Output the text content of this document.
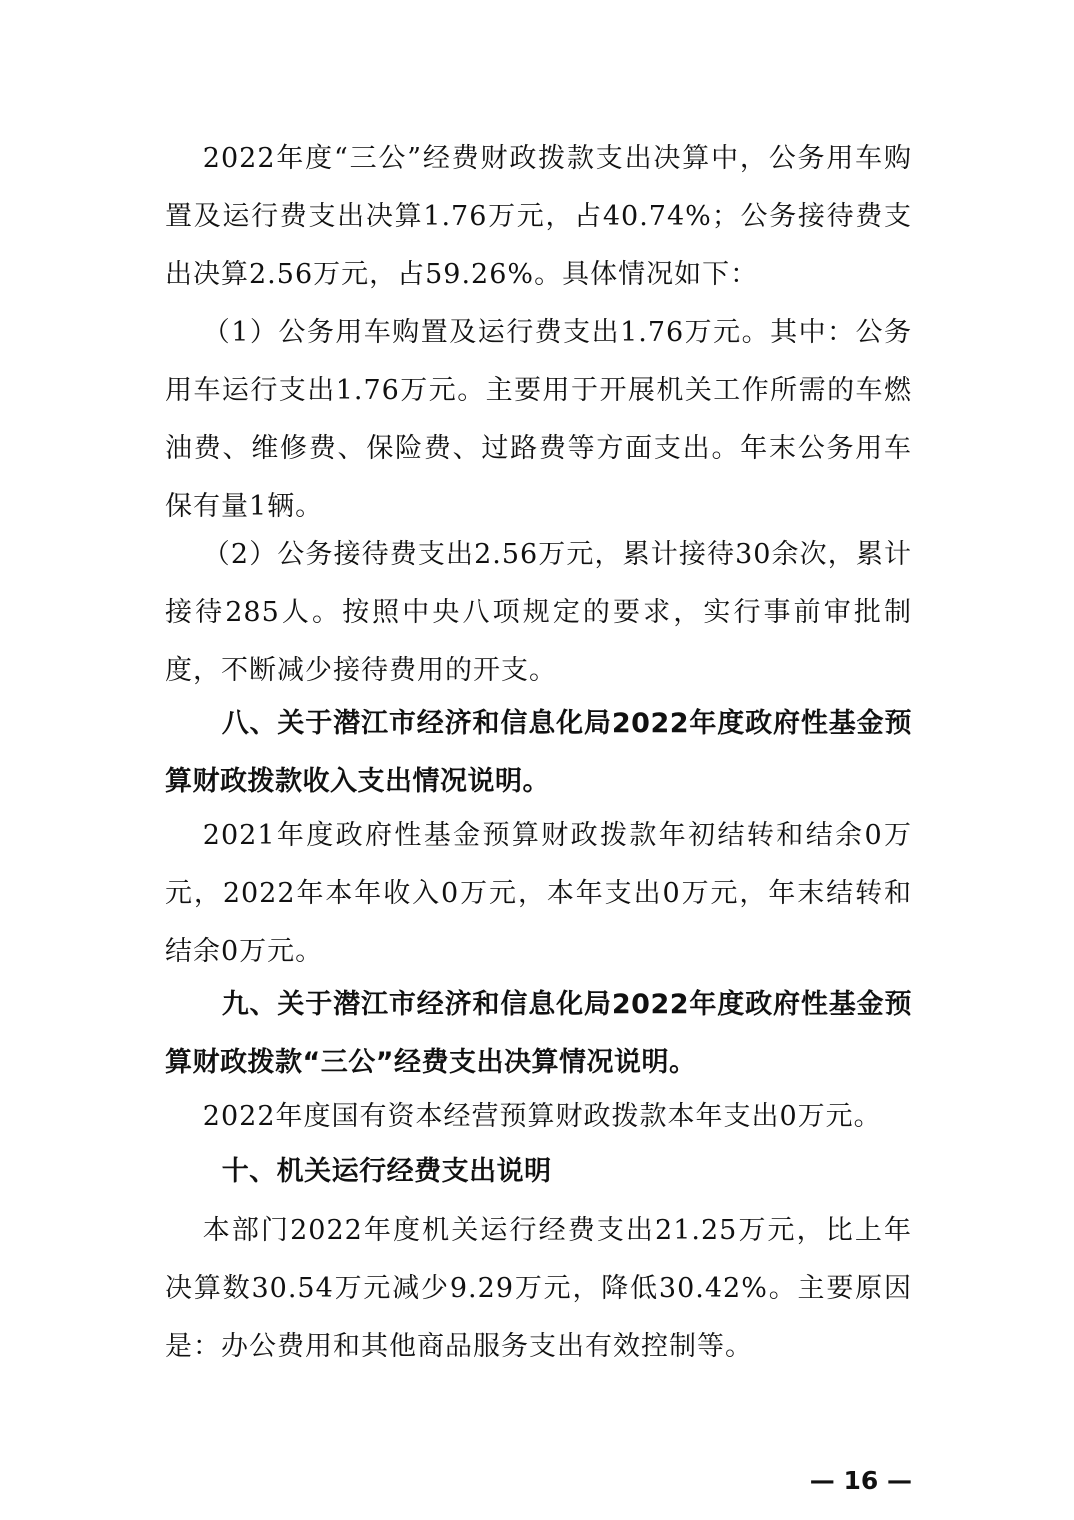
2022年度“三公”经费财政拨款支出决算中，公务用车购置及运行费支出决算1.76万元，占40.74%；公务接待费支出决算2.56万元，占59.26%。具体情况如下：

（1）公务用车购置及运行费支出1.76万元。其中：公务用车运行支出1.76万元。主要用于开展机关工作所需的车燃油费、维修费、保险费、过路费等方面支出。年末公务用车保有量1辆。

（2）公务接待费支出2.56万元，累计接待30余次，累计接待285人。按照中央八项规定的要求，实行事前审批制度，不断减少接待费用的开支。

八、关于潜江市经济和信息化局2022年度政府性基金预算财政拨款收入支出情况说明。

2021年度政府性基金预算财政拨款年初结转和结余0万元，2022年本年收入0万元，本年支出0万元，年末结转和结余0万元。

九、关于潜江市经济和信息化局2022年度政府性基金预算财政拨款“三公”经费支出决算情况说明。

2022年度国有资本经营预算财政拨款本年支出0万元。

十、机关运行经费支出说明

本部门2022年度机关运行经费支出21.25万元，比上年决算数30.54万元减少9.29万元，降低30.42%。主要原因是：办公费用和其他商品服务支出有效控制等。

— 16 —
